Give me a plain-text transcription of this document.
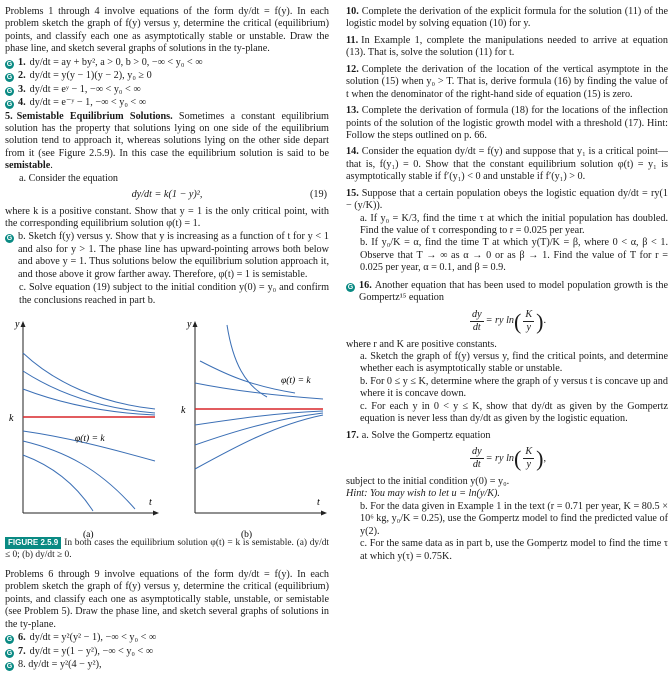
Problems 1 through 4 involve equations of the form dy/dt = f(y). In each problem sketch the graph of f(y) versus y, determine the critical (equilibrium) points, and classify each one as asymptotically stable or unstable. Draw the phase line, and sketch several graphs of solutions in the ty-plane.

G 1. dy/dt = ay + by², a > 0, b > 0, −∞ < y₀ < ∞
G 2. dy/dt = y(y − 1)(y − 2), y₀ ≥ 0
G 3. dy/dt = eʸ − 1, −∞ < y₀ < ∞
G 4. dy/dt = e⁻ʸ − 1, −∞ < y₀ < ∞

5. Semistable Equilibrium Solutions. Sometimes a constant equilibrium solution has the property that solutions lying on one side of the equilibrium solution tend to approach it, whereas solutions lying on the other side depart from it (see Figure 2.5.9). In this case the equilibrium solution is said to be semistable.

a. Consider the equation

dy/dt = k(1 − y)²,	(19)

where k is a positive constant. Show that y = 1 is the only critical point, with the corresponding equilibrium solution φ(t) = 1.

G b. Sketch f(y) versus y. Show that y is increasing as a function of t for y < 1 and also for y > 1. The phase line has upward-pointing arrows both below and above y = 1. Thus solutions below the equilibrium solution approach it, and those above it grow farther away. Therefore, φ(t) = 1 is semistable.

c. Solve equation (19) subject to the initial condition y(0) = y₀ and confirm the conclusions reached in part b.

y
t
k
φ(t) = k
(a)
y
t
k
φ(t) = k
(b)

FIGURE 2.5.9 In both cases the equilibrium solution φ(t) = k is semistable. (a) dy/dt ≤ 0; (b) dy/dt ≥ 0.

Problems 6 through 9 involve equations of the form dy/dt = f(y). In each problem sketch the graph of f(y) versus y, determine the critical (equilibrium) points, and classify each one as asymptotically stable, unstable, or semistable (see Problem 5). Draw the phase line, and sketch several graphs of solutions in the ty-plane.

G 6. dy/dt = y²(y² − 1), −∞ < y₀ < ∞
G 7. dy/dt = y(1 − y²), −∞ < y₀ < ∞
G 8. dy/dt = y²(4 − y²),

10. Complete the derivation of the explicit formula for the solution (11) of the logistic model by solving equation (10) for y.

11. In Example 1, complete the manipulations needed to arrive at equation (13). That is, solve the solution (11) for t.

12. Complete the derivation of the location of the vertical asymptote in the solution (15) when y₀ > T. That is, derive formula (16) by finding the value of t when the denominator of the right-hand side of equation (15) is zero.

13. Complete the derivation of formula (18) for the locations of the inflection points of the solution of the logistic growth model with a threshold (17). Hint: Follow the steps outlined on p. 66.

14. Consider the equation dy/dt = f(y) and suppose that y₁ is a critical point—that is, f(y₁) = 0. Show that the constant equilibrium solution φ(t) = y₁ is asymptotically stable if f′(y₁) < 0 and unstable if f′(y₁) > 0.

15. Suppose that a certain population obeys the logistic equation dy/dt = ry(1 − (y/K)).

a. If y₀ = K/3, find the time τ at which the initial population has doubled. Find the value of τ corresponding to r = 0.025 per year.

b. If y₀/K = α, find the time T at which y(T)/K = β, where 0 < α, β < 1. Observe that T → ∞ as α → 0 or as β → 1. Find the value of T for r = 0.025 per year, α = 0.1, and β = 0.9.

G 16. Another equation that has been used to model population growth is the Gompertz¹⁵ equation

$\frac{dy}{dt}$ = ry ln ( $\frac{K}{y}$ ) .

where r and K are positive constants.

a. Sketch the graph of f(y) versus y, find the critical points, and determine whether each is asymptotically stable or unstable.

b. For 0 ≤ y ≤ K, determine where the graph of y versus t is concave up and where it is concave down.

c. For each y in 0 < y ≤ K, show that dy/dt as given by the Gompertz equation is never less than dy/dt as given by the logistic equation.

17. a. Solve the Gompertz equation

$\frac{dy}{dt}$ = ry ln ( $\frac{K}{y}$ ) ,

subject to the initial condition y(0) = y₀.

Hint: You may wish to let u = ln(y/K).

b. For the data given in Example 1 in the text (r = 0.71 per year, K = 80.5 × 10⁶ kg, y₀/K = 0.25), use the Gompertz model to find the predicted value of y(2).

c. For the same data as in part b, use the Gompertz model to find the time τ at which y(τ) = 0.75K.
